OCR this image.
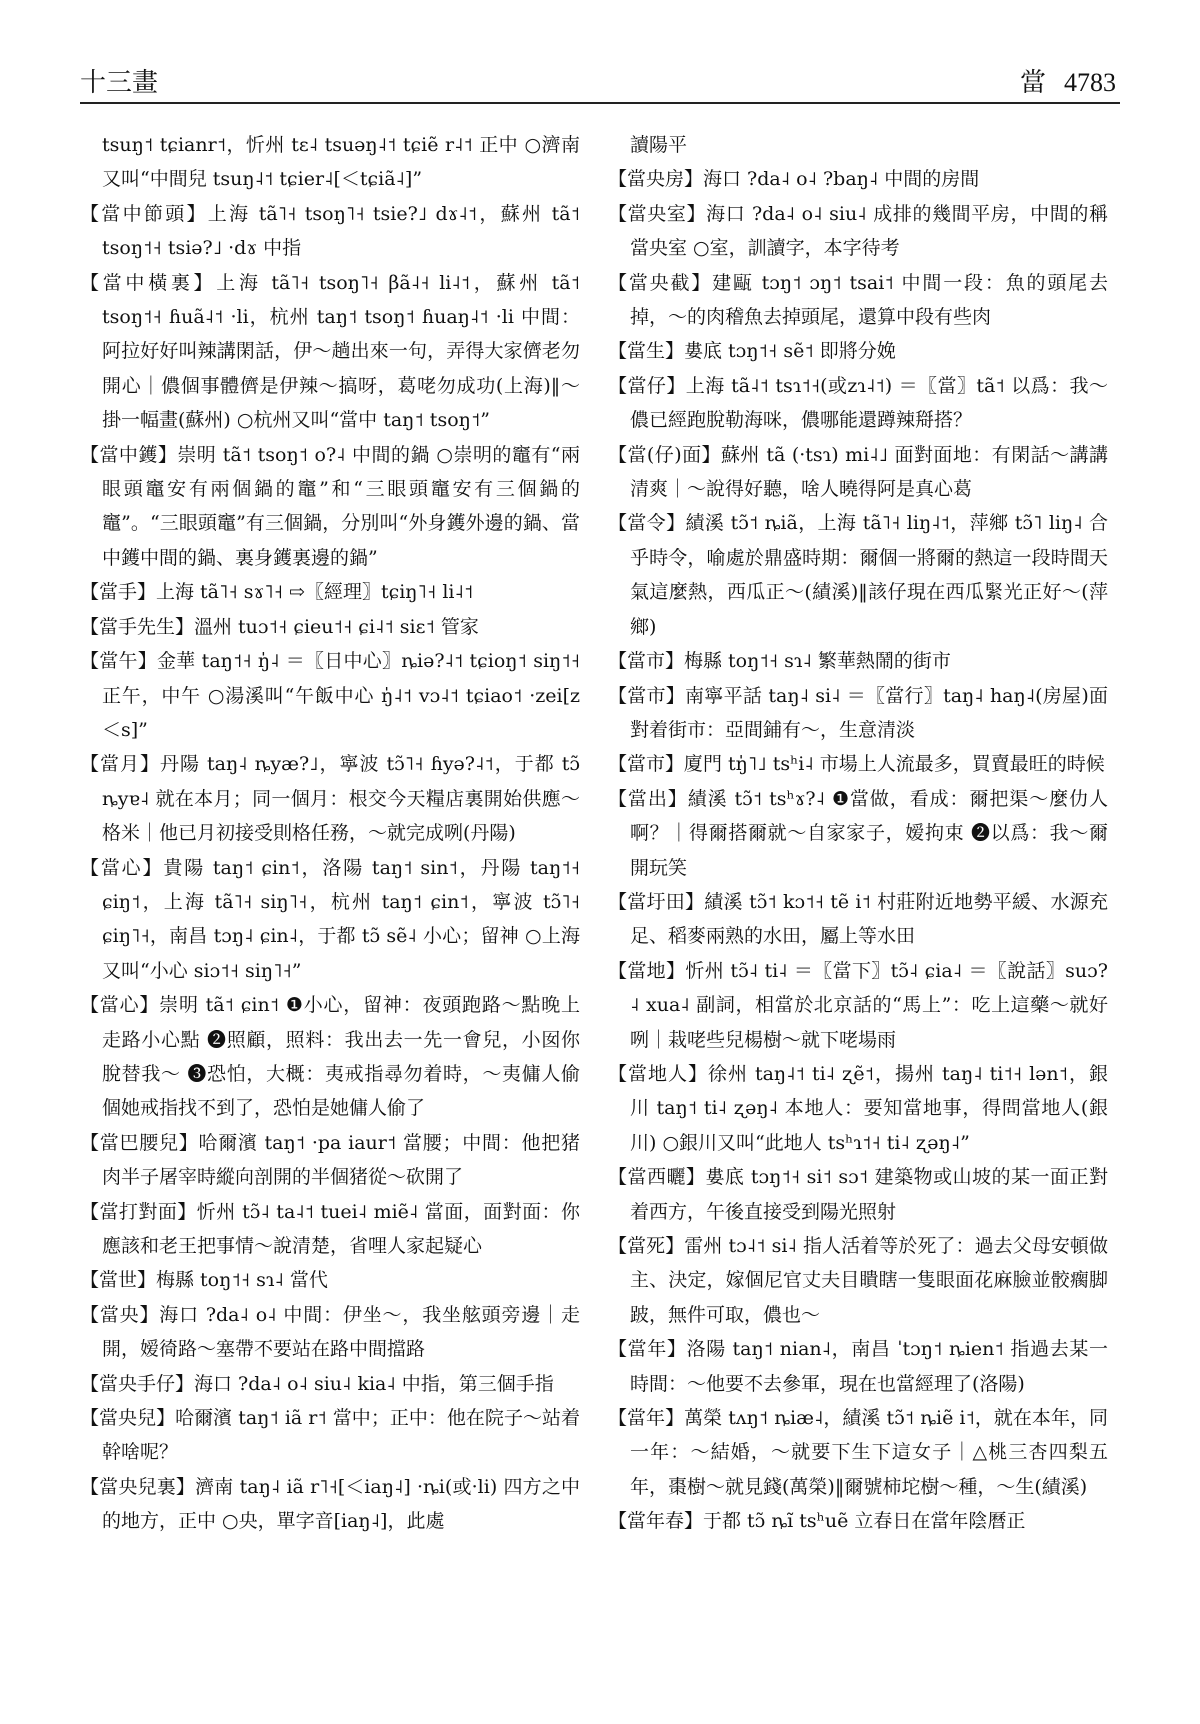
十三畫	當 4783

tsuŋ˦ tɕianr˦，忻州 tɛ˨ tsuəŋ˨˦ tɕiẽ r˨˦ 正中 ○濟南又叫“中間兒 tsuŋ˨˦ tɕier˨[＜tɕiã˨]”

【當中節頭】上海 tã˥˧ tsoŋ˥˧ tsie?˩ dɤ˨˦，蘇州 tã˦ tsoŋ˦˧ tsiə?˩ ·dɤ 中指

【當中橫裏】上海 tã˥˧ tsoŋ˥˧ βã˨˧ li˨˦，蘇州 tã˦ tsoŋ˦˧ ɦuã˨˦ ·li，杭州 taŋ˦ tsoŋ˦ ɦuaŋ˨˦ ·li 中間：阿拉好好叫辣講閑話，伊～趟出來一句，弄得大家儕老勿開心｜儂個事體儕是伊辣～搞呀，葛咾勿成功(上海)‖～掛一幅畫(蘇州) ○杭州又叫“當中 taŋ˦ tsoŋ˦”

【當中鑊】崇明 tã˦ tsoŋ˦ o?˨ 中間的鍋 ○崇明的竈有“兩眼頭竈安有兩個鍋的竈”和“三眼頭竈安有三個鍋的竈”。“三眼頭竈”有三個鍋，分別叫“外身鑊外邊的鍋、當中鑊中間的鍋、裏身鑊裏邊的鍋”

【當手】上海 tã˥˧ sɤ˥˧ ⇨〖經理〗tɕiŋ˥˧ li˨˦

【當手先生】溫州 tuɔ˦˧ ɕieu˦˧ ɕi˨˦ siɛ˦ 管家

【當午】金華 taŋ˦˧ ŋ̍˨ ＝〖日中心〗ȵiə?˨˦ tɕioŋ˦ siŋ˦˧ 正午，中午 ○湯溪叫“午飯中心 ŋ̍˨˦ vɔ˨˦ tɕiao˦ ·zei[z＜s]”

【當月】丹陽 taŋ˨ ȵyæ?˩，寧波 tɔ̃˥˧ ɦyə?˨˦，于都 tɔ̃ ȵyɐ˨ 就在本月；同一個月：根交今天糧店裏開始供應～格米｜他已月初接受則格任務，～就完成咧(丹陽)

【當心】貴陽 taŋ˦ ɕin˦，洛陽 taŋ˦ sin˦，丹陽 taŋ˦˧ ɕiŋ˦，上海 tã˥˧ siŋ˥˧，杭州 taŋ˦ ɕin˦，寧波 tɔ̃˥˧ ɕiŋ˥˧，南昌 tɔŋ˨ ɕin˨，于都 tɔ̃ sẽ˨ 小心；留神 ○上海又叫“小心 siɔ˦˧ siŋ˥˧”

【當心】崇明 tã˦ ɕin˦ ❶小心，留神：夜頭跑路～點晚上走路小心點 ❷照顧，照料：我出去一先一會兒，小囡你脫替我～ ❸恐怕，大概：夷戒指尋勿着時，～夷傭人偷個她戒指找不到了，恐怕是她傭人偷了

【當巴腰兒】哈爾濱 taŋ˦ ·pa iaur˦ 當腰；中間：他把猪肉半子屠宰時縱向剖開的半個猪從～砍開了

【當打對面】忻州 tɔ̃˨ ta˨˦ tuei˨ miẽ˨ 當面，面對面：你應該和老王把事情～說清楚，省哩人家起疑心

【當世】梅縣 toŋ˦˧ sɿ˨ 當代

【當央】海口 ?da˨ o˨ 中間：伊坐～，我坐舷頭旁邊｜走開，嫒徛路～塞帶不要站在路中間擋路

【當央手仔】海口 ?da˨ o˨ siu˨ kia˨ 中指，第三個手指

【當央兒】哈爾濱 taŋ˦ iã r˦ 當中；正中：他在院子～站着幹啥呢？

【當央兒裏】濟南 taŋ˨ iã r˥˧[＜iaŋ˨] ·ȵi(或·li) 四方之中的地方，正中 ○央，單字音[iaŋ˨]，此處

讀陽平

【當央房】海口 ?da˨ o˨ ?baŋ˨ 中間的房間

【當央室】海口 ?da˨ o˨ siu˨ 成排的幾間平房，中間的稱當央室 ○室，訓讀字，本字待考

【當央截】建甌 tɔŋ˦ ɔŋ˦ tsai˦ 中間一段：魚的頭尾去掉，～的肉稽魚去掉頭尾，還算中段有些肉

【當生】婁底 tɔŋ˦˧ sẽ˦ 即將分娩

【當仔】上海 tã˨˦ tsɿ˦˧(或zɿ˨˦) ＝〖當〗tã˦ 以爲：我～儂已經跑脫勒海咪，儂哪能還蹲辣搿搭？

【當(仔)面】蘇州 tã (·tsɿ) mi˨˩ 面對面地：有閑話～講講清爽｜～說得好聽，啥人曉得阿是真心葛

【當令】績溪 tɔ̃˦ ȵiã，上海 tã˥˧ liŋ˨˦，萍鄉 tɔ̃˥ liŋ˨ 合乎時令，喻處於鼎盛時期：爾個一將爾的熱這一段時間天氣這麼熱，西瓜正～(績溪)‖該仔現在西瓜緊光正好～(萍鄉)

【當市】梅縣 toŋ˦˧ sɿ˨ 繁華熱鬧的街市

【當市】南寧平話 taŋ˨ si˨ ＝〖當行〗taŋ˨ haŋ˨(房屋)面對着街市：亞間鋪有～，生意清淡

【當市】廈門 tŋ̍˥˩ tsʰi˨ 市場上人流最多，買賣最旺的時候

【當出】績溪 tɔ̃˦ tsʰɤ?˨ ❶當做，看成：爾把渠～麼仂人啊？｜得爾搭爾就～自家家子，嫒拘束 ❷以爲：我～爾開玩笑

【當圩田】績溪 tɔ̃˦ kɔ˦˧ tẽ i˦ 村莊附近地勢平緩、水源充足、稻麥兩熟的水田，屬上等水田

【當地】忻州 tɔ̃˨ ti˨ ＝〖當下〗tɔ̃˨ ɕia˨ ＝〖說話〗suɔ?˨ xua˨ 副詞，相當於北京話的“馬上”：吃上這藥～就好咧｜栽咾些兒楊樹～就下咾場雨

【當地人】徐州 taŋ˨˦ ti˨ ʐẽ˦，揚州 taŋ˨ ti˦˧ lən˦，銀川 taŋ˦ ti˨ ʐəŋ˨ 本地人：要知當地事，得問當地人(銀川) ○銀川又叫“此地人 tsʰɿ˦˧ ti˨ ʐəŋ˨”

【當西曬】婁底 tɔŋ˦˧ si˦ sɔ˦ 建築物或山坡的某一面正對着西方，午後直接受到陽光照射

【當死】雷州 tɔ˨˦ si˨ 指人活着等於死了：過去父母安頓做主、決定，嫁個尼官丈夫目瞶瞎一隻眼面花麻臉並骹瘸脚跛，無件可取，儂也～

【當年】洛陽 taŋ˦ nian˨，南昌 ˈtɔŋ˦ ȵien˦ 指過去某一時間：～他要不去參軍，現在也當經理了(洛陽)

【當年】萬榮 tʌŋ˦ ȵiæ˨，績溪 tɔ̃˦ ȵiẽ i˦，就在本年，同一年：～結婚，～就要下生下這女子｜△桃三杏四梨五年，棗樹～就見錢(萬榮)‖爾號柿坨樹～種，～生(績溪)

【當年春】于都 tɔ̃ ȵĩ tsʰuẽ 立春日在當年陰曆正
